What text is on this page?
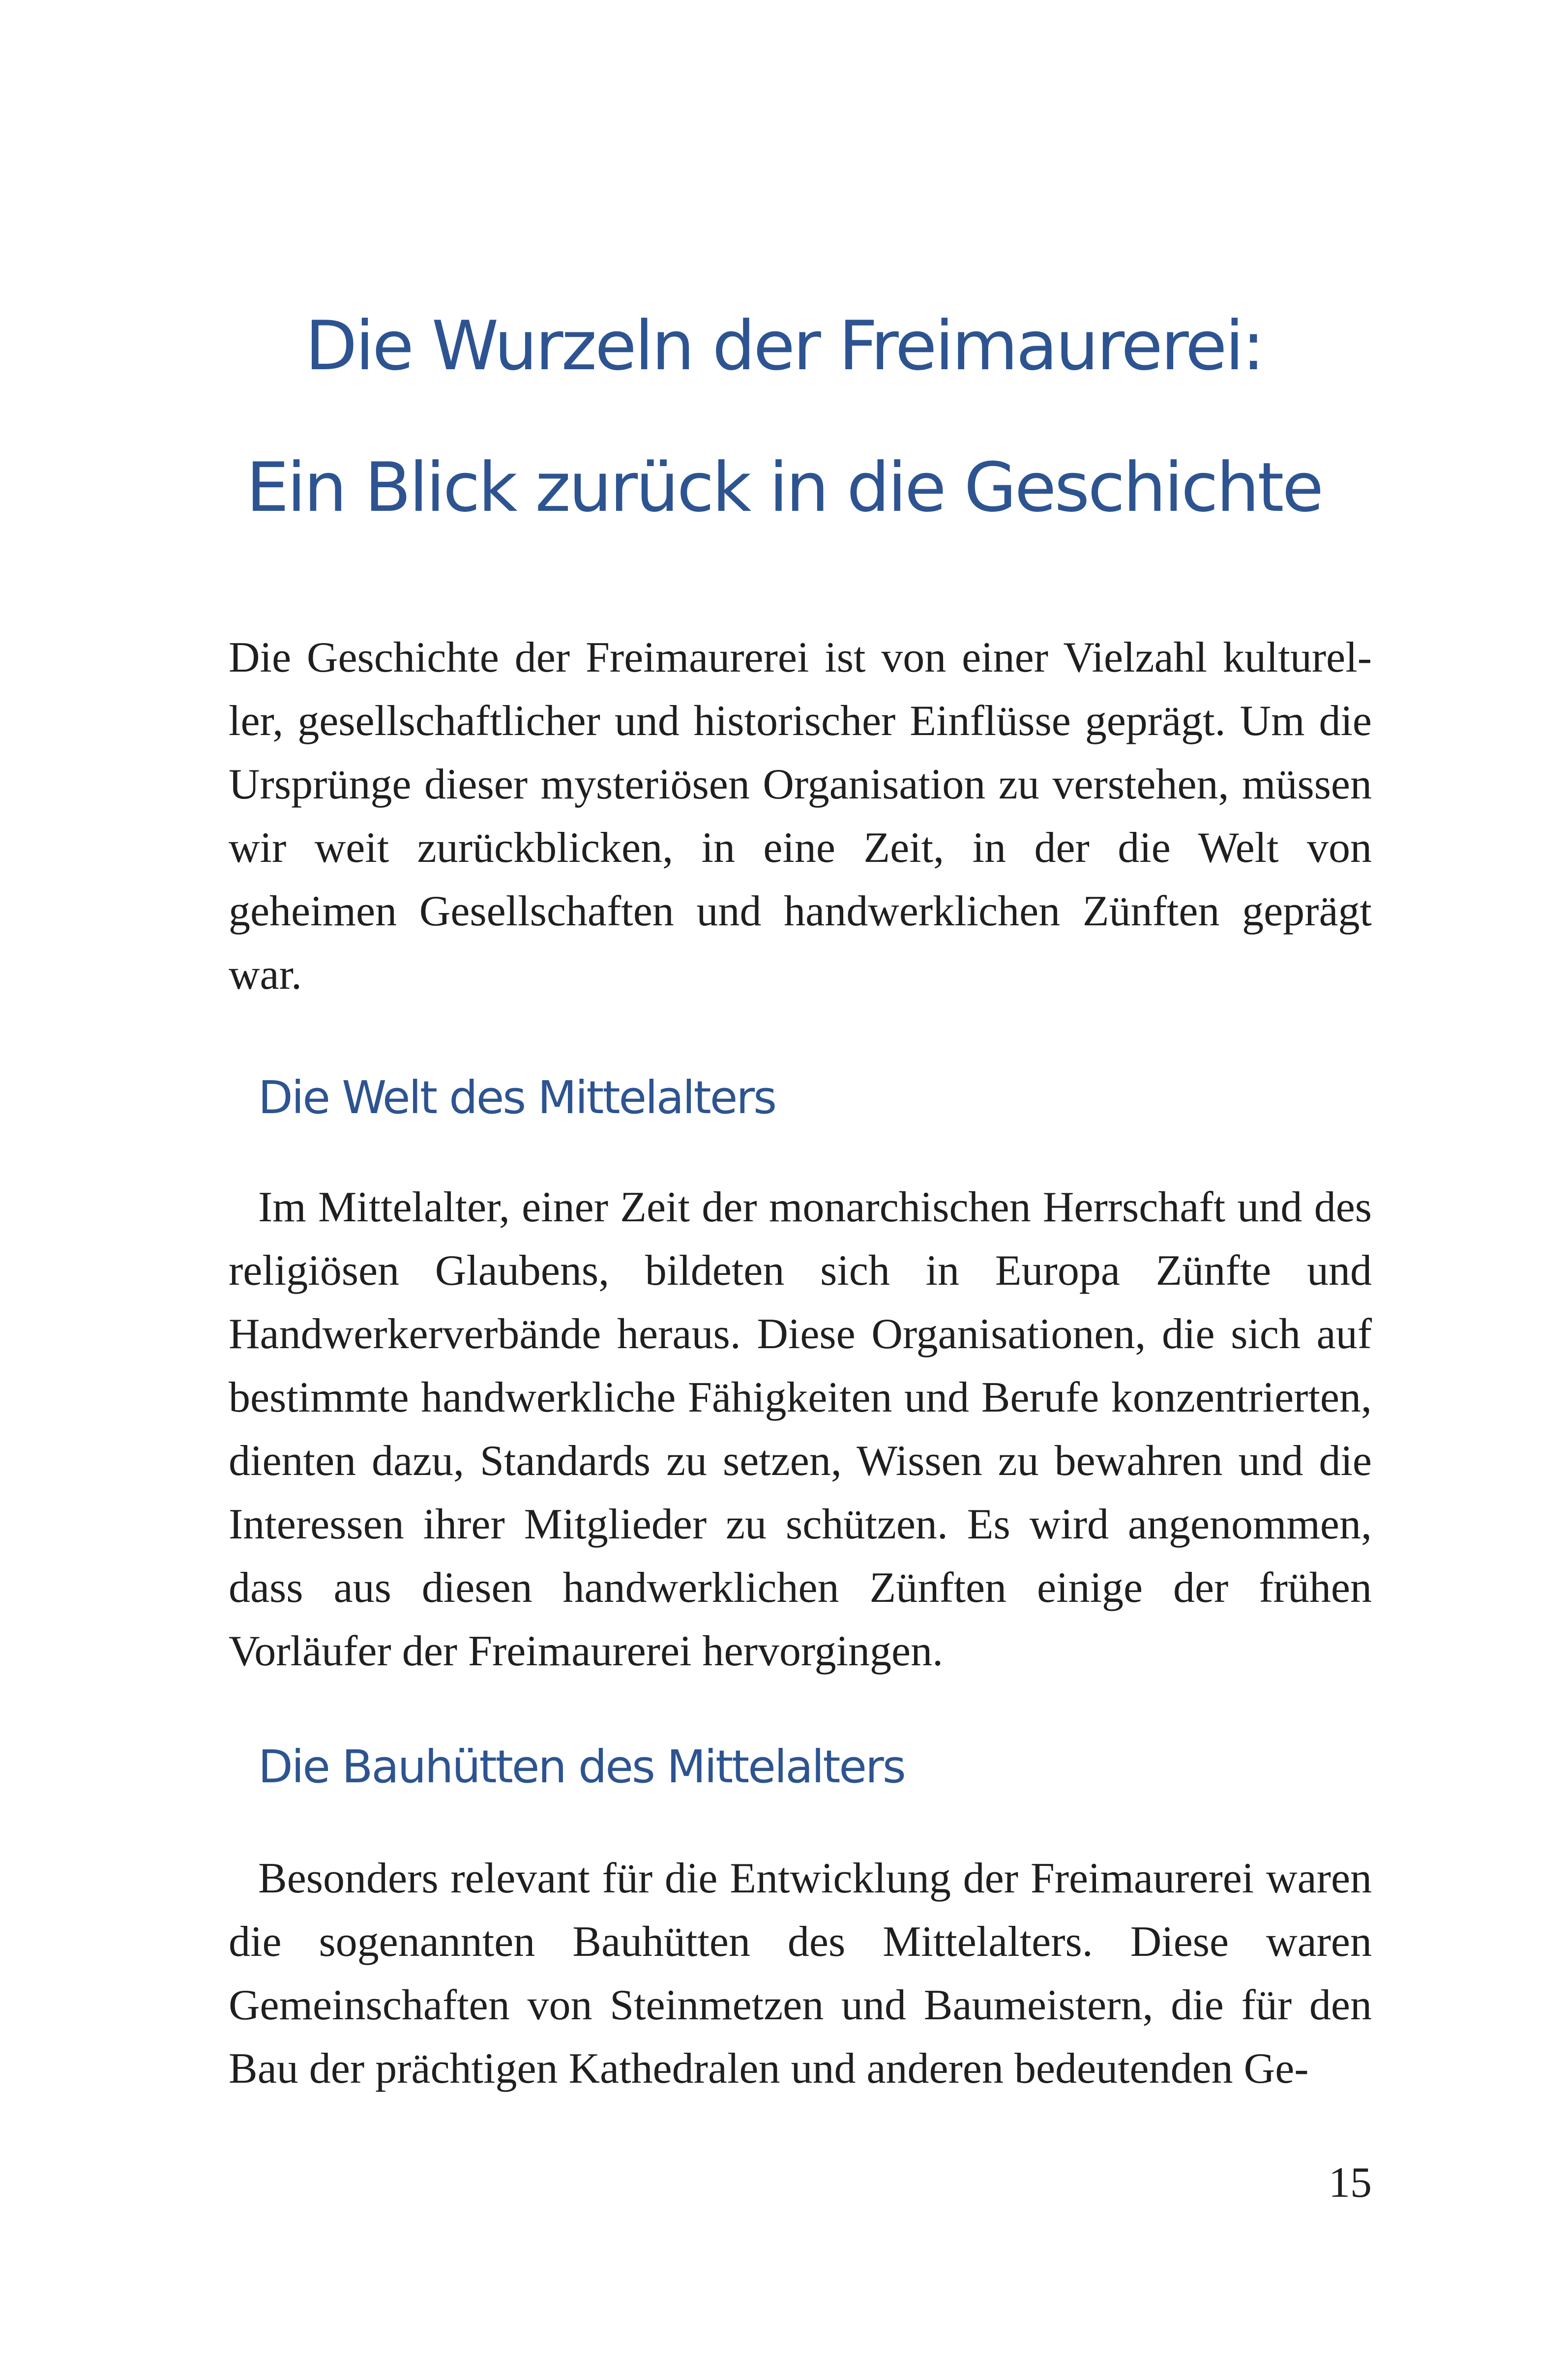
Die Wurzeln der Freimaurerei:
Ein Blick zurück in die Geschichte

Die Geschichte der Freimaurerei ist von einer Vielzahl kultureller, gesellschaftlicher und historischer Einflüsse geprägt. Um die Ursprünge dieser mysteriösen Organisation zu verstehen, müssen wir weit zurückblicken, in eine Zeit, in der die Welt von geheimen Gesellschaften und handwerklichen Zünften geprägt war.

Die Welt des Mittelalters

Im Mittelalter, einer Zeit der monarchischen Herrschaft und des religiösen Glaubens, bildeten sich in Europa Zünfte und Handwerkerverbände heraus. Diese Organisationen, die sich auf bestimmte handwerkliche Fähigkeiten und Berufe konzentrierten, dienten dazu, Standards zu setzen, Wissen zu bewahren und die Interessen ihrer Mitglieder zu schützen. Es wird angenommen, dass aus diesen handwerklichen Zünften einige der frühen Vorläufer der Freimaurerei hervorgingen.

Die Bauhütten des Mittelalters

Besonders relevant für die Entwicklung der Freimaurerei waren die sogenannten Bauhütten des Mittelalters. Diese waren Gemeinschaften von Steinmetzen und Baumeistern, die für den Bau der prächtigen Kathedralen und anderen bedeutenden Ge-

15
